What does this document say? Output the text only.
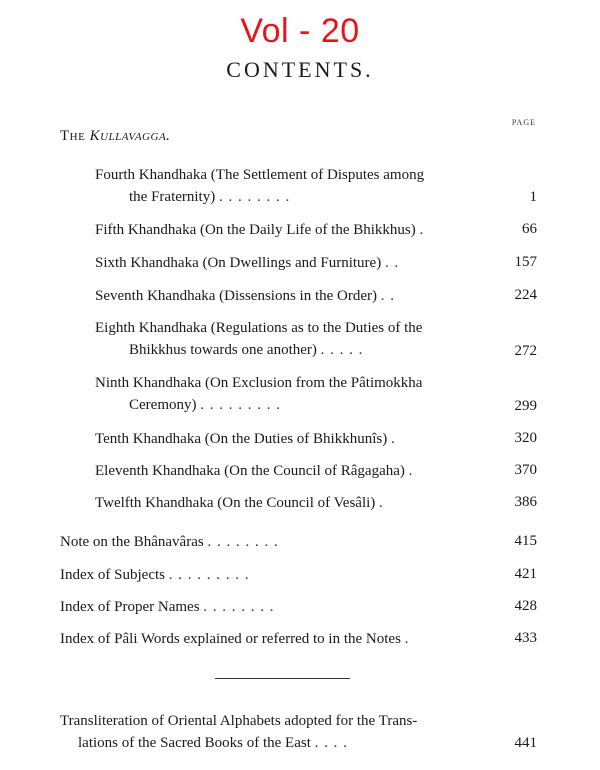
Vol - 20
CONTENTS.
PAGE
The Kullavagga.
Fourth Khandhaka (The Settlement of Disputes among
the Fraternity) . . . . . . . .	1
Fifth Khandhaka (On the Daily Life of the Bhikkhus) .	66
Sixth Khandhaka (On Dwellings and Furniture) . .	157
Seventh Khandhaka (Dissensions in the Order) . .	224
Eighth Khandhaka (Regulations as to the Duties of the
Bhikkhus towards one another) . . . . .	272
Ninth Khandhaka (On Exclusion from the Pâtimokkha
Ceremony) . . . . . . . . .	299
Tenth Khandhaka (On the Duties of Bhikkhunîs) .	320
Eleventh Khandhaka (On the Council of Râgagaha) .	370
Twelfth Khandhaka (On the Council of Vesâli) .	386
Note on the Bhânavâras . . . . . . . .	415
Index of Subjects . . . . . . . . .	421
Index of Proper Names . . . . . . . .	428
Index of Pâli Words explained or referred to in the Notes .	433
Transliteration of Oriental Alphabets adopted for the Trans-
lations of the Sacred Books of the East . . . .	441
